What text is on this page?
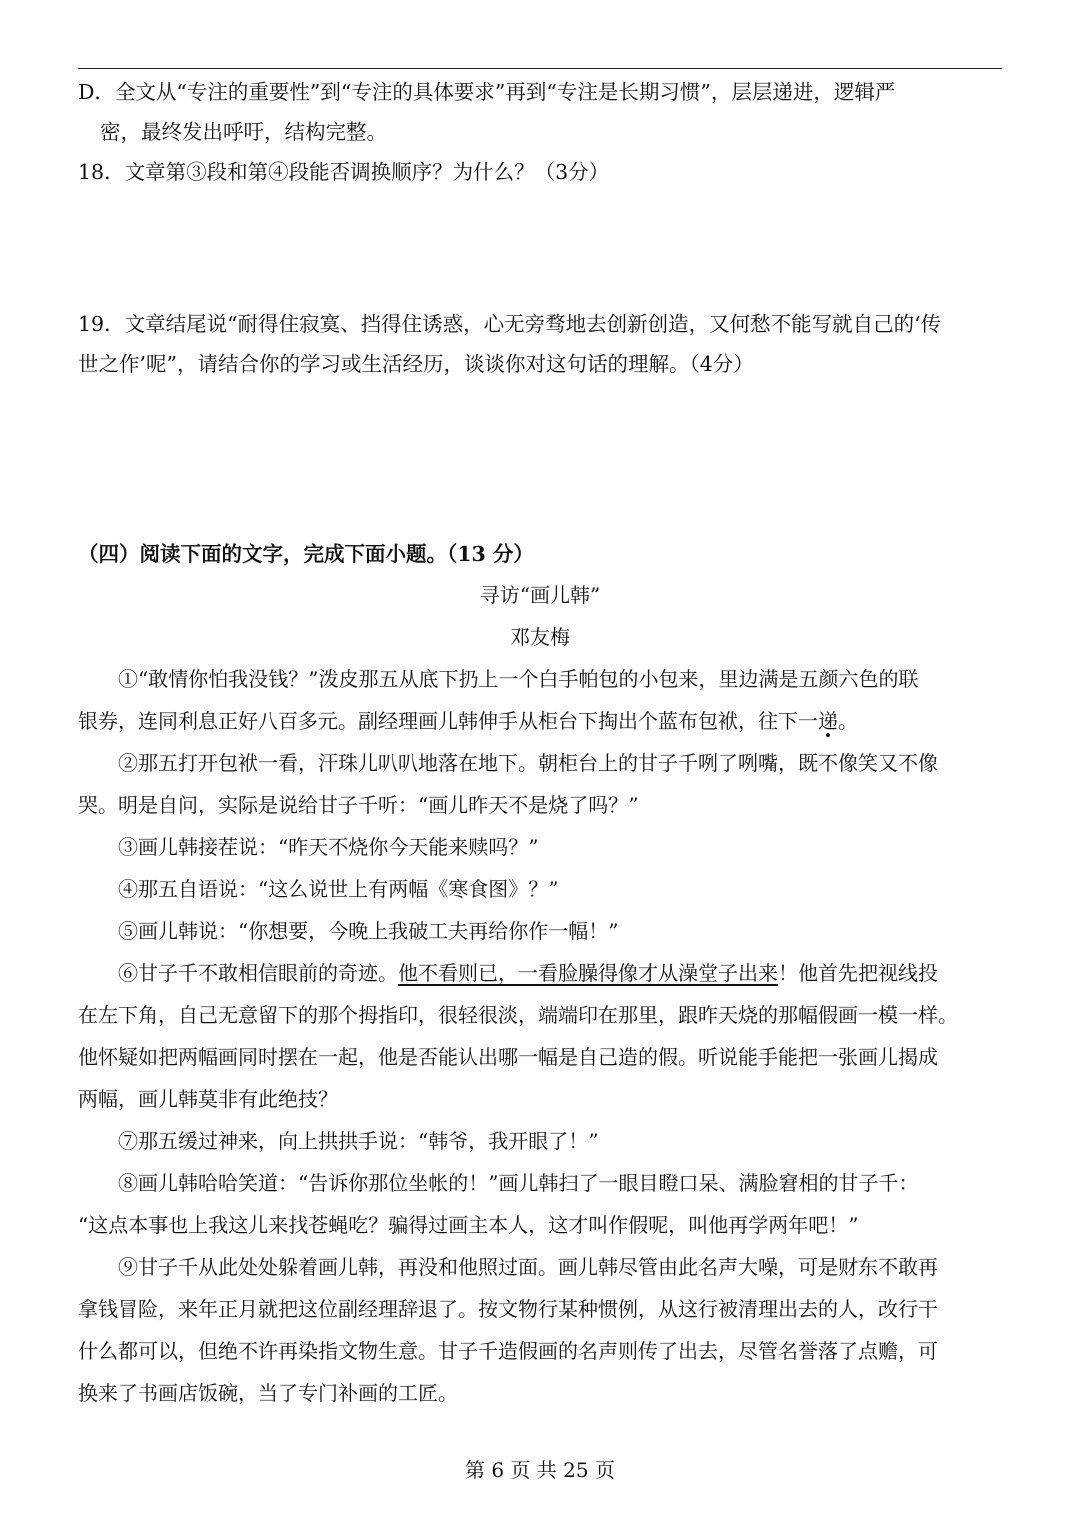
D．全文从“专注的重要性”到“专注的具体要求”再到“专注是长期习惯”，层层递进，逻辑严

密，最终发出呼吁，结构完整。

18．文章第③段和第④段能否调换顺序？为什么？（3分）

19．文章结尾说“耐得住寂寞、挡得住诱惑，心无旁骛地去创新创造，又何愁不能写就自己的‘传

世之作’呢”，请结合你的学习或生活经历，谈谈你对这句话的理解。（4分）

（四）阅读下面的文字，完成下面小题。（13 分）

寻访“画儿韩”

邓友梅

①“敢情你怕我没钱？”泼皮那五从底下扔上一个白手帕包的小包来，里边满是五颜六色的联

银券，连同利息正好八百多元。副经理画儿韩伸手从柜台下掏出个蓝布包袱，往下一递。

②那五打开包袱一看，汗珠儿叭叭地落在地下。朝柜台上的甘子千咧了咧嘴，既不像笑又不像

哭。明是自问，实际是说给甘子千听：“画儿昨天不是烧了吗？”

③画儿韩接茬说：“昨天不烧你今天能来赎吗？”

④那五自语说：“这么说世上有两幅《寒食图》？”

⑤画儿韩说：“你想要，今晚上我破工夫再给你作一幅！”

⑥甘子千不敢相信眼前的奇迹。他不看则已，一看脸臊得像才从澡堂子出来！他首先把视线投

在左下角，自己无意留下的那个拇指印，很轻很淡，端端印在那里，跟昨天烧的那幅假画一模一样。

他怀疑如把两幅画同时摆在一起，他是否能认出哪一幅是自己造的假。听说能手能把一张画儿揭成

两幅，画儿韩莫非有此绝技？

⑦那五缓过神来，向上拱拱手说：“韩爷，我开眼了！”

⑧画儿韩哈哈笑道：“告诉你那位坐帐的！”画儿韩扫了一眼目瞪口呆、满脸窘相的甘子千：

“这点本事也上我这儿来找苍蝇吃？骗得过画主本人，这才叫作假呢，叫他再学两年吧！”

⑨甘子千从此处处躲着画儿韩，再没和他照过面。画儿韩尽管由此名声大噪，可是财东不敢再

拿钱冒险，来年正月就把这位副经理辞退了。按文物行某种惯例，从这行被清理出去的人，改行干

什么都可以，但绝不许再染指文物生意。甘子千造假画的名声则传了出去，尽管名誉落了点赡，可

换来了书画店饭碗，当了专门补画的工匠。

第 6 页 共 25 页
